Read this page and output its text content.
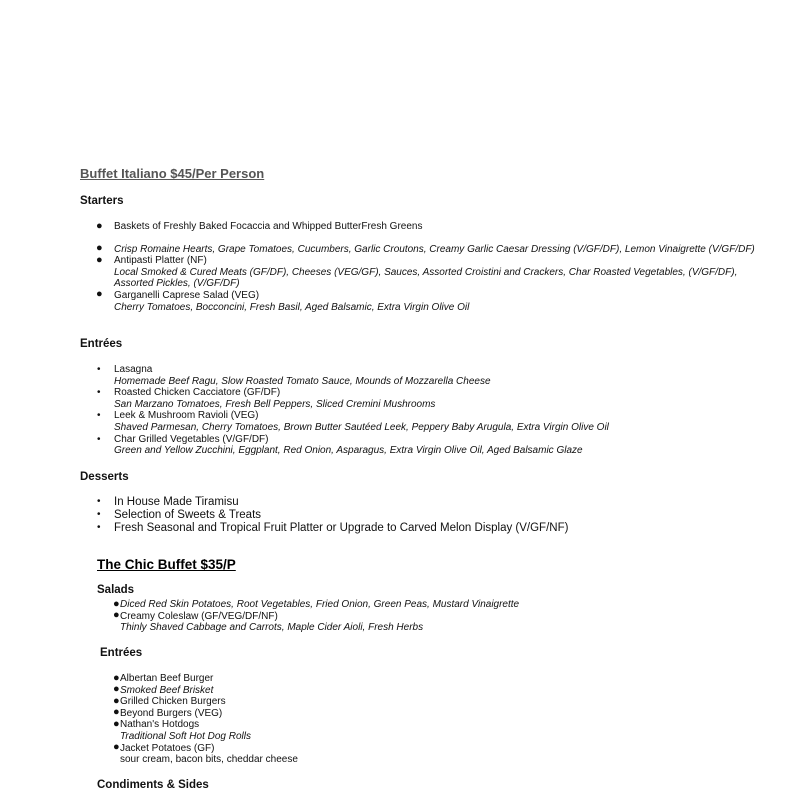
Buffet Italiano $45/Per Person
Starters
● Baskets of Freshly Baked Focaccia and Whipped ButterFresh Greens
● Crisp Romaine Hearts, Grape Tomatoes, Cucumbers, Garlic Croutons, Creamy Garlic Caesar Dressing (V/GF/DF), Lemon Vinaigrette (V/GF/DF)
● Antipasti Platter (NF)
Local Smoked & Cured Meats (GF/DF), Cheeses (VEG/GF), Sauces, Assorted Croistini and Crackers, Char Roasted Vegetables, (V/GF/DF), Assorted Pickles, (V/GF/DF)
● Garganelli Caprese Salad (VEG)
Cherry Tomatoes, Bocconcini, Fresh Basil, Aged Balsamic, Extra Virgin Olive Oil
Entrées
• Lasagna
Homemade Beef Ragu, Slow Roasted Tomato Sauce, Mounds of Mozzarella Cheese
• Roasted Chicken Cacciatore (GF/DF)
San Marzano Tomatoes, Fresh Bell Peppers, Sliced Cremini Mushrooms
• Leek & Mushroom Ravioli (VEG)
Shaved Parmesan, Cherry Tomatoes, Brown Butter Sautéed Leek, Peppery Baby Arugula, Extra Virgin Olive Oil
• Char Grilled Vegetables (V/GF/DF)
Green and Yellow Zucchini, Eggplant, Red Onion, Asparagus, Extra Virgin Olive Oil, Aged Balsamic Glaze
Desserts
• In House Made Tiramisu
• Selection of Sweets & Treats
• Fresh Seasonal and Tropical Fruit Platter or Upgrade to Carved Melon Display (V/GF/NF)
The Chic Buffet $35/P
Salads
● Diced Red Skin Potatoes, Root Vegetables, Fried Onion, Green Peas, Mustard Vinaigrette
● Creamy Coleslaw (GF/VEG/DF/NF)
Thinly Shaved Cabbage and Carrots, Maple Cider Aioli, Fresh Herbs
Entrées
● Albertan Beef Burger
● Smoked Beef Brisket
● Grilled Chicken Burgers
● Beyond Burgers (VEG)
● Nathan's Hotdogs
Traditional Soft Hot Dog Rolls
● Jacket Potatoes (GF)
sour cream, bacon bits, cheddar cheese
Condiments & Sides
